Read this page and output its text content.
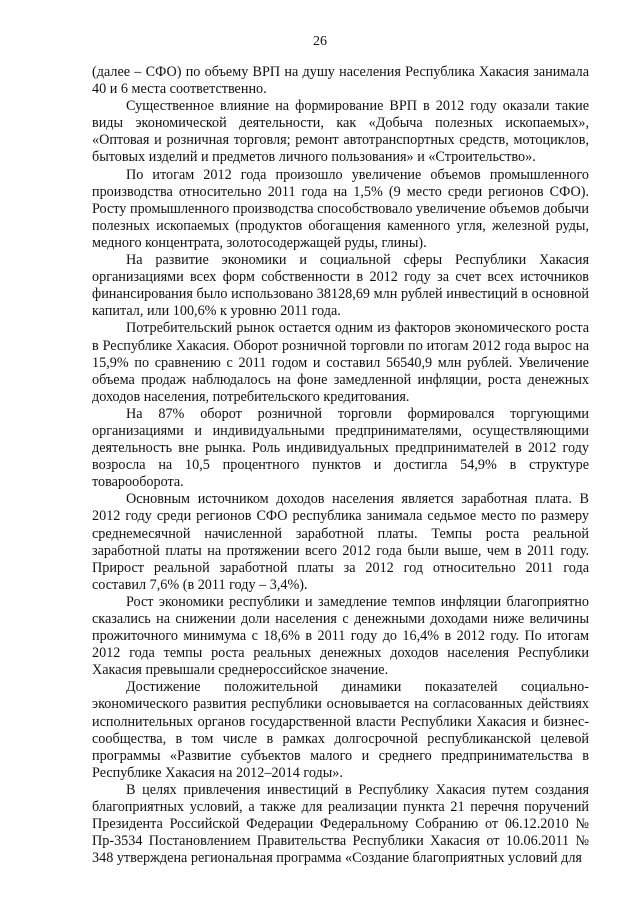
26

(далее – СФО) по объему ВРП на душу населения Республика Хакасия занимала 40 и 6 места соответственно.

Существенное влияние на формирование ВРП в 2012 году оказали такие виды экономической деятельности, как «Добыча полезных ископаемых», «Оптовая и розничная торговля; ремонт автотранспортных средств, мотоциклов, бытовых изделий и предметов личного пользования» и «Строительство».

По итогам 2012 года произошло увеличение объемов промышленного производства относительно 2011 года на 1,5% (9 место среди регионов СФО). Росту промышленного производства способствовало увеличение объемов добычи полезных ископаемых (продуктов обогащения каменного угля, железной руды, медного концентрата, золотосодержащей руды, глины).

На развитие экономики и социальной сферы Республики Хакасия организациями всех форм собственности в 2012 году за счет всех источников финансирования было использовано 38128,69 млн рублей инвестиций в основной капитал, или 100,6% к уровню 2011 года.

Потребительский рынок остается одним из факторов экономического роста в Республике Хакасия. Оборот розничной торговли по итогам 2012 года вырос на 15,9% по сравнению с 2011 годом и составил 56540,9 млн рублей. Увеличение объема продаж наблюдалось на фоне замедленной инфляции, роста денежных доходов населения, потребительского кредитования.

На 87% оборот розничной торговли формировался торгующими организациями и индивидуальными предпринимателями, осуществляющими деятельность вне рынка. Роль индивидуальных предпринимателей в 2012 году возросла на 10,5 процентного пунктов и достигла 54,9% в структуре товарооборота.

Основным источником доходов населения является заработная плата. В 2012 году среди регионов СФО республика занимала седьмое место по размеру среднемесячной начисленной заработной платы. Темпы роста реальной заработной платы на протяжении всего 2012 года были выше, чем в 2011 году. Прирост реальной заработной платы за 2012 год относительно 2011 года составил 7,6% (в 2011 году – 3,4%).

Рост экономики республики и замедление темпов инфляции благоприятно сказались на снижении доли населения с денежными доходами ниже величины прожиточного минимума с 18,6% в 2011 году до 16,4% в 2012 году. По итогам 2012 года темпы роста реальных денежных доходов населения Республики Хакасия превышали среднероссийское значение.

Достижение положительной динамики показателей социально-экономического развития республики основывается на согласованных действиях исполнительных органов государственной власти Республики Хакасия и бизнес-сообщества, в том числе в рамках долгосрочной республиканской целевой программы «Развитие субъектов малого и среднего предпринимательства в Республике Хакасия на 2012–2014 годы».

В целях привлечения инвестиций в Республику Хакасия путем создания благоприятных условий, а также для реализации пункта 21 перечня поручений Президента Российской Федерации Федеральному Собранию от 06.12.2010 № Пр-3534 Постановлением Правительства Республики Хакасия от 10.06.2011 № 348 утверждена региональная программа «Создание благоприятных условий для
